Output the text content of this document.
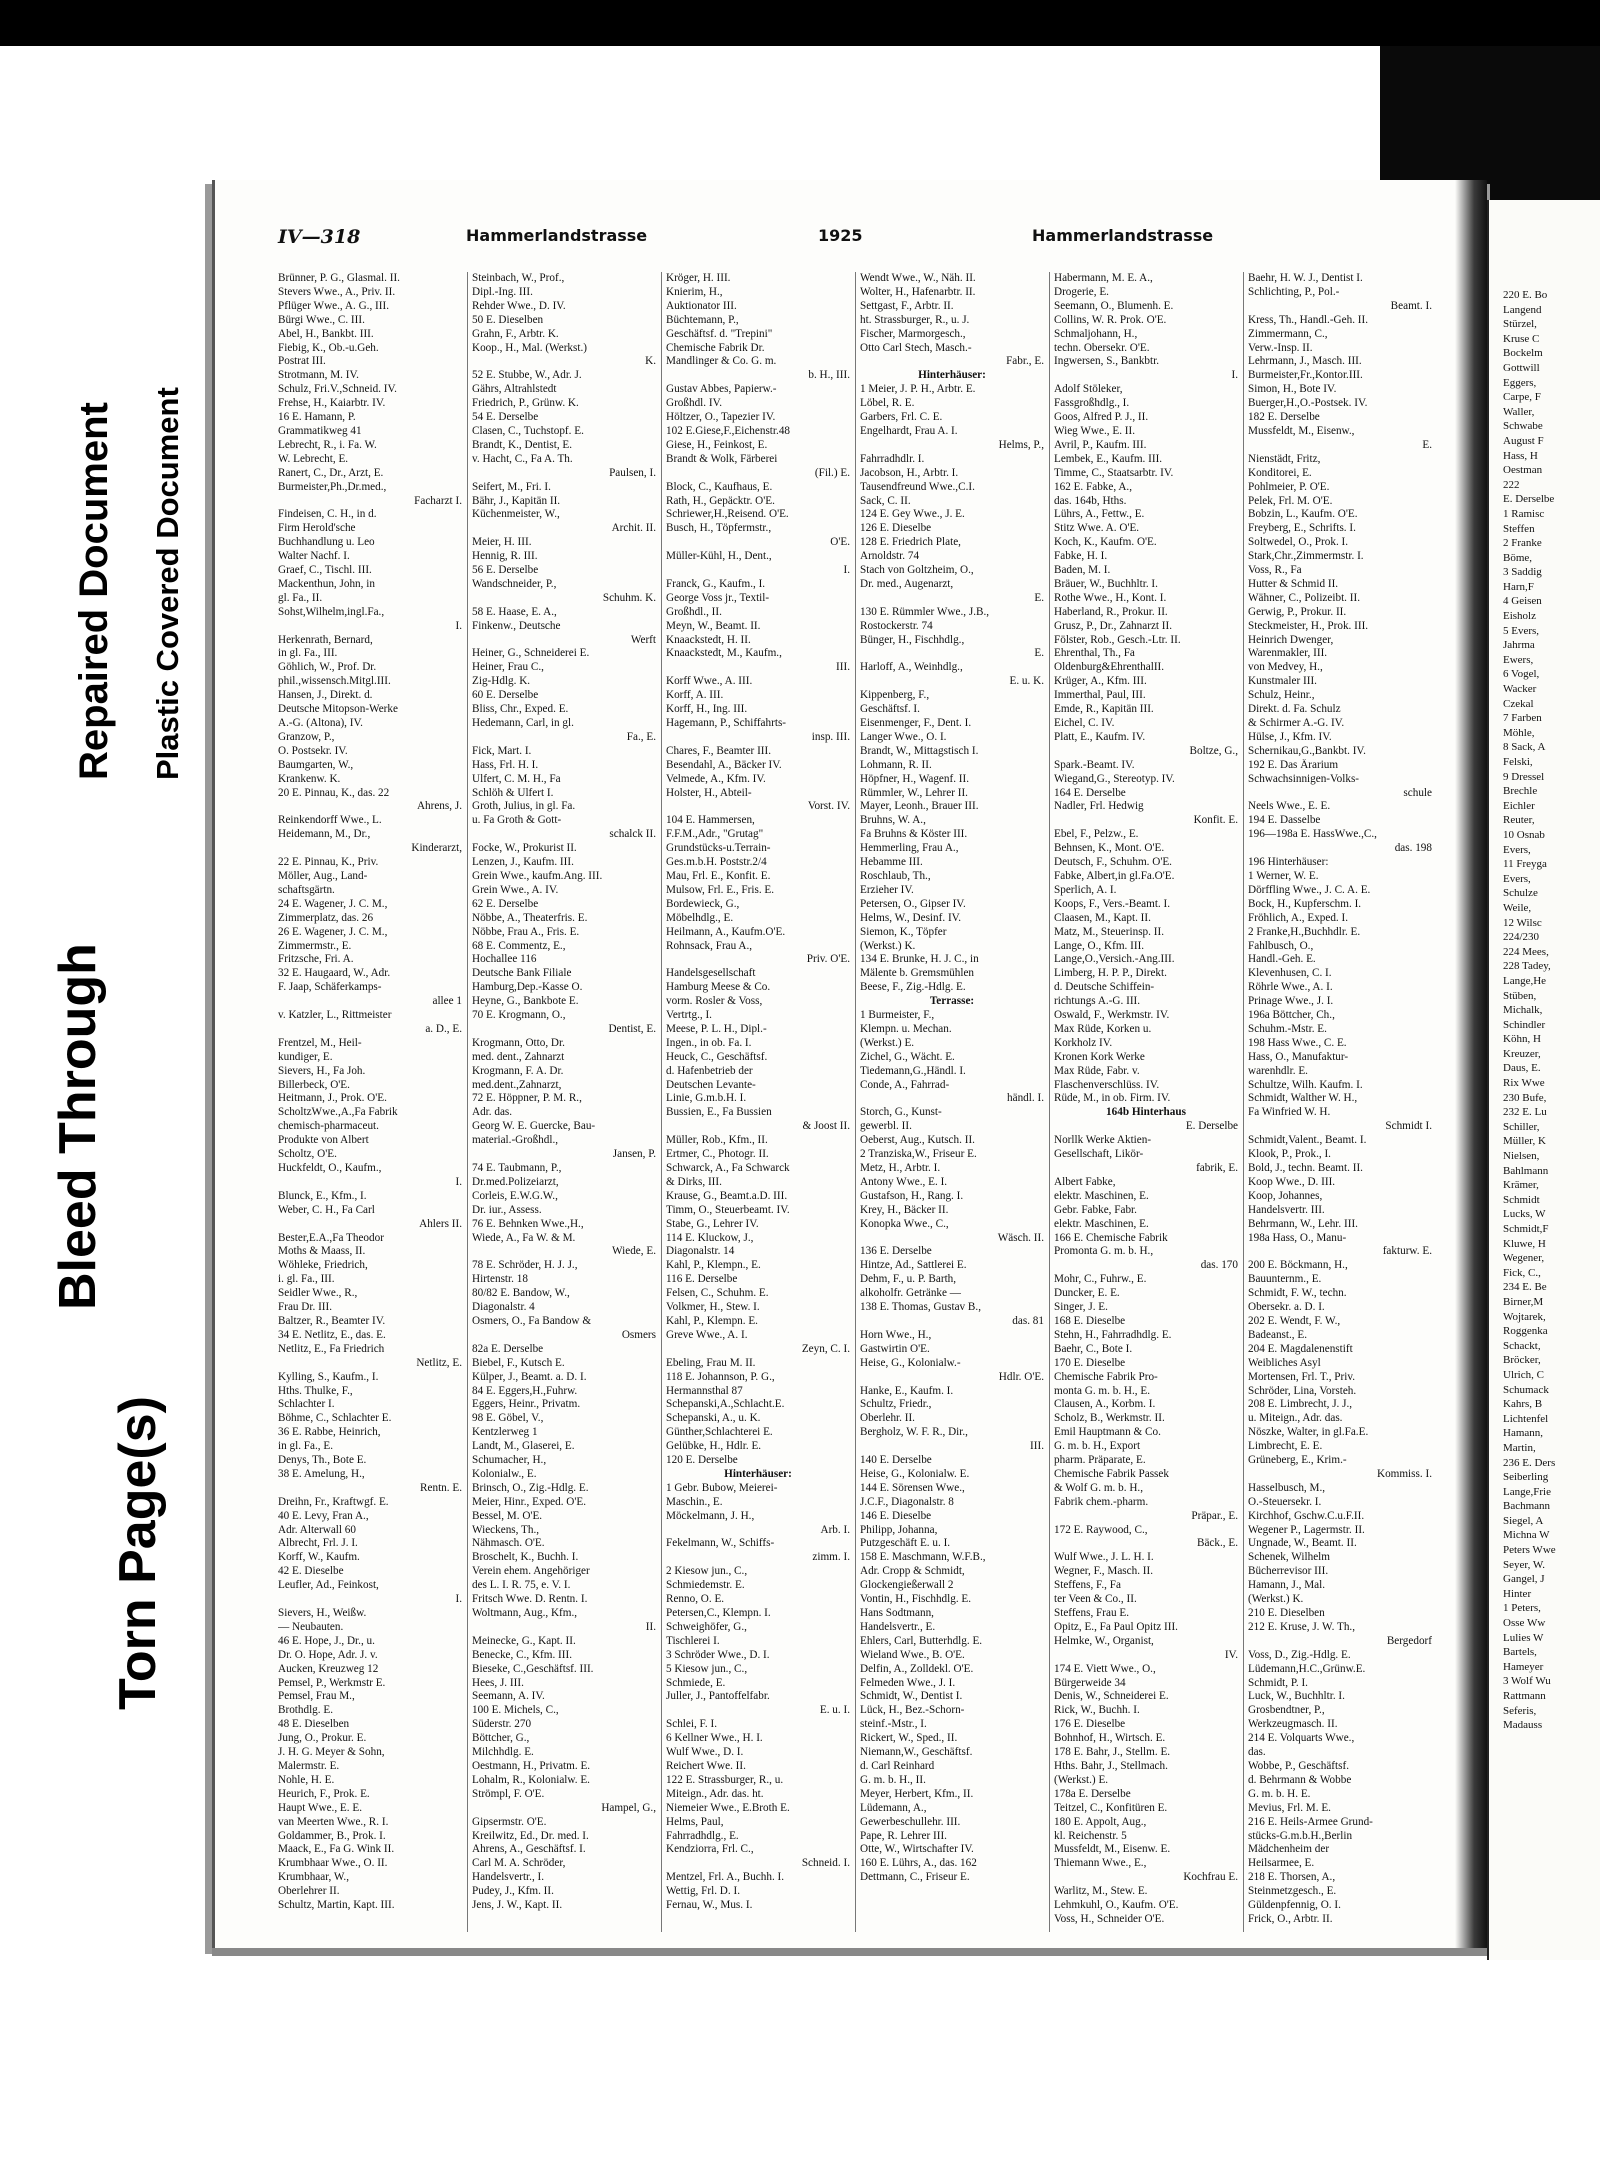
Bleed Through
Repaired Document Plastic Covered Document
Torn Page(s)
220 E. Bo
Langend
Stürzel,
Kruse C
Bockelm
Gottwill
Eggers,
Carpe, F
Waller,
Schwabe
August F
Hass, H
Oestman
222
E. Derselbe
1 Ramisc
Steffen
2 Franke
Böme,
3 Saddig
Harn,F
4 Geisen
Eisholz
5 Evers,
Jahrma
Ewers,
6 Vogel,
Wacker
Czekal
7 Farben
Möhle,
8 Sack, A
Felski,
9 Dressel
Brechle
Eichler
Reuter,
10 Osnab
Evers,
11 Freyga
Evers,
Schulze
Weile,
12 Wilsc
224/230
224 Mees,
228 Tadey,
Lange,He
Stüben,
Michalk,
Schindler
Köhn, H
Kreuzer,
Daus, E.
Rix Wwe
230 Bufe,
232 E. Lu
Schiller,
Müller, K
Nielsen,
Bahlmann
Krämer,
Schmidt
Lucks, W
Schmidt,F
Kluwe, H
Wegener,
Fick, C.,
234 E. Be
Birner,M
Wojtarek,
Roggenka
Schackt,
Bröcker,
Ulrich, C
Schumack
Kahrs, B
Lichtenfel
Hamann,
Martin,
236 E. Ders
Seiberling
Lange,Frie
Bachmann
Siegel, A
Michna W
Peters Wwe
Seyer, W.
Gangel, J
Hinter
1 Peters,
Osse Ww
Lulies W
Bartels,
Hameyer
3 Wolf Wu
Rattmann
Seferis,
Madauss
IV—318	Hammerlandstrasse	1925	Hammerlandstrasse
Brünner, P. G., Glasmal. II.
Stevers Wwe., A., Priv. II.
Pflüger Wwe., A. G., III.
Bürgi Wwe., C. III.
Abel, H., Bankbt. III.
Fiebig, K., Ob.-u.Geh.
Postrat III.
Strotmann, M. IV.
Schulz, Fri.V.,Schneid. IV.
Frehse, H., Kaiarbtr. IV.
16 E. Hamann, P.
Grammatikweg 41
Lebrecht, R., i. Fa. W.
W. Lebrecht, E.
Ranert, C., Dr., Arzt, E.
Burmeister,Ph.,Dr.med.,
Facharzt I.
Findeisen, C. H., in d.
Firm Herold'sche
Buchhandlung u. Leo
Walter Nachf. I.
Graef, C., Tischl. III.
Mackenthun, John, in
gl. Fa., II.
Sohst,Wilhelm,ingl.Fa.,
I.
Herkenrath, Bernard,
in gl. Fa., III.
Göhlich, W., Prof. Dr.
phil.,wissensch.Mitgl.III.
Hansen, J., Direkt. d.
Deutsche Mitopson-Werke
A.-G. (Altona), IV.
Granzow, P.,
O. Postsekr. IV.
Baumgarten, W.,
Krankenw. K.
20 E. Pinnau, K., das. 22
Ahrens, J.
Reinkendorff Wwe., L.
Heidemann, M., Dr.,
Kinderarzt,
22 E. Pinnau, K., Priv.
Möller, Aug., Land-
schaftsgärtn.
24 E. Wagener, J. C. M.,
Zimmerplatz, das. 26
26 E. Wagener, J. C. M.,
Zimmermstr., E.
Fritzsche, Fri. A.
32 E. Haugaard, W., Adr.
F. Jaap, Schäferkamps-
allee 1
v. Katzler, L., Rittmeister
a. D., E.
Frentzel, M., Heil-
kundiger, E.
Sievers, H., Fa Joh.
Billerbeck, O'E.
Heitmann, J., Prok. O'E.
ScholtzWwe.,A.,Fa Fabrik
chemisch-pharmaceut.
Produkte von Albert
Scholtz, O'E.
Huckfeldt, O., Kaufm.,
I.
Blunck, E., Kfm., I.
Weber, C. H., Fa Carl
Ahlers II.
Bester,E.A.,Fa Theodor
Moths & Maass, II.
Wöhleke, Friedrich,
i. gl. Fa., III.
Seidler Wwe., R.,
Frau Dr. III.
Baltzer, R., Beamter IV.
34 E. Netlitz, E., das. E.
Netlitz, E., Fa Friedrich
Netlitz, E.
Kylling, S., Kaufm., I.
Hths. Thulke, F.,
Schlachter I.
Böhme, C., Schlachter E.
36 E. Rabbe, Heinrich,
in gl. Fa., E.
Denys, Th., Bote E.
38 E. Amelung, H.,
Rentn. E.
Dreihn, Fr., Kraftwgf. E.
40 E. Levy, Fran A.,
Adr. Alterwall 60
Albrecht, Frl. J. I.
Korff, W., Kaufm.
42 E. Dieselbe
Leufler, Ad., Feinkost,
I.
Sievers, H., Weißw.
— Neubauten.
46 E. Hope, J., Dr., u.
Dr. O. Hope, Adr. J. v.
Aucken, Kreuzweg 12
Pemsel, P., Werkmstr E.
Pemsel, Frau M.,
Brothdlg. E.
48 E. Dieselben
Jung, O., Prokur. E.
J. H. G. Meyer & Sohn,
Malermstr. E.
Nohle, H. E.
Heurich, F., Prok. E.
Haupt Wwe., E. E.
van Meerten Wwe., R. I.
Goldammer, B., Prok. I.
Maack, E., Fa G. Wink II.
Krumbhaar Wwe., O. II.
Krumbhaar, W.,
Oberlehrer II.
Schultz, Martin, Kapt. III.
Steinbach, W., Prof.,
Dipl.-Ing. III.
Rehder Wwe., D. IV.
50 E. Dieselben
Grahn, F., Arbtr. K.
Koop., H., Mal. (Werkst.)
K.
52 E. Stubbe, W., Adr. J.
Gährs, Altrahlstedt
Friedrich, P., Grünw. K.
54 E. Derselbe
Clasen, C., Tuchstopf. E.
Brandt, K., Dentist, E.
v. Hacht, C., Fa A. Th.
Paulsen, I.
Seifert, M., Fri. I.
Bähr, J., Kapitän II.
Küchenmeister, W.,
Archit. II.
Meier, H. III.
Hennig, R. III.
56 E. Derselbe
Wandschneider, P.,
Schuhm. K.
58 E. Haase, E. A.,
Finkenw., Deutsche
Werft
Heiner, G., Schneiderei E.
Heiner, Frau C.,
Zig-Hdlg. K.
60 E. Derselbe
Bliss, Chr., Exped. E.
Hedemann, Carl, in gl.
Fa., E.
Fick, Mart. I.
Hass, Frl. H. I.
Ulfert, C. M. H., Fa
Schlöh & Ulfert I.
Groth, Julius, in gl. Fa.
u. Fa Groth & Gott-
schalck II.
Focke, W., Prokurist II.
Lenzen, J., Kaufm. III.
Grein Wwe., kaufm.Ang. III.
Grein Wwe., A. IV.
62 E. Derselbe
Nöbbe, A., Theaterfris. E.
Nöbbe, Frau A., Fris. E.
68 E. Commentz, E.,
Hochallee 116
Deutsche Bank Filiale
Hamburg,Dep.-Kasse O.
Heyne, G., Bankbote E.
70 E. Krogmann, O.,
Dentist, E.
Krogmann, Otto, Dr.
med. dent., Zahnarzt
Krogmann, F. A. Dr.
med.dent.,Zahnarzt,
72 E. Höppner, P. M. R.,
Adr. das.
Georg W. E. Guercke, Bau-
material.-Großhdl.,
Jansen, P.
74 E. Taubmann, P.,
Dr.med.Polizeiarzt,
Corleis, E.W.G.W.,
Dr. iur., Assess.
76 E. Behnken Wwe.,H.,
Wiede, A., Fa W. & M.
Wiede, E.
78 E. Schröder, H. J. J.,
Hirtenstr. 18
80/82 E. Bandow, W.,
Diagonalstr. 4
Osmers, O., Fa Bandow &
Osmers
82a E. Derselbe
Biebel, F., Kutsch E.
Külper, J., Beamt. a. D. I.
84 E. Eggers,H.,Fuhrw.
Eggers, Heinr., Privatm.
98 E. Göbel, V.,
Kentzlerweg 1
Landt, M., Glaserei, E.
Schumacher, H.,
Kolonialw., E.
Brinsch, O., Zig.-Hdlg. E.
Meier, Hinr., Exped. O'E.
Bessel, M. O'E.
Wieckens, Th.,
Nähmasch. O'E.
Broschelt, K., Buchh. I.
Verein ehem. Angehöriger
des L. I. R. 75, e. V. I.
Fritsch Wwe. D. Rentn. I.
Woltmann, Aug., Kfm.,
II.
Meinecke, G., Kapt. II.
Benecke, C., Kfm. III.
Bieseke, C.,Geschäftsf. III.
Hees, J. III.
Seemann, A. IV.
100 E. Michels, C.,
Süderstr. 270
Böttcher, G.,
Milchhdlg. E.
Oestmann, H., Privatm. E.
Lohalm, R., Kolonialw. E.
Strömpl, F. O'E.
Hampel, G.,
Gipsermstr. O'E.
Kreilwitz, Ed., Dr. med. I.
Ahrens, A., Geschäftsf. I.
Carl M. A. Schröder,
Handelsvertr., I.
Pudey, J., Kfm. II.
Jens, J. W., Kapt. II.
Kröger, H. III.
Knierim, H.,
Auktionator III.
Büchtemann, P.,
Geschäftsf. d. "Trepini"
Chemische Fabrik Dr.
Mandlinger & Co. G. m.
b. H., III.
Gustav Abbes, Papierw.-
Großhdl. IV.
Höltzer, O., Tapezier IV.
102 E.Giese,F.,Eichenstr.48
Giese, H., Feinkost, E.
Brandt & Wolk, Färberei
(Fil.) E.
Block, C., Kaufhaus, E.
Rath, H., Gepäcktr. O'E.
Schriewer,H.,Reisend. O'E.
Busch, H., Töpfermstr.,
O'E.
Müller-Kühl, H., Dent.,
I.
Franck, G., Kaufm., I.
George Voss jr., Textil-
Großhdl., II.
Meyn, W., Beamt. II.
Knaackstedt, H. II.
Knaackstedt, M., Kaufm.,
III.
Korff Wwe., A. III.
Korff, A. III.
Korff, H., Ing. III.
Hagemann, P., Schiffahrts-
insp. III.
Chares, F., Beamter III.
Besendahl, A., Bäcker IV.
Velmede, A., Kfm. IV.
Holster, H., Abteil-
Vorst. IV.
104 E. Hammersen,
F.F.M.,Adr., "Grutag"
Grundstücks-u.Terrain-
Ges.m.b.H. Poststr.2/4
Mau, Frl. E., Konfit. E.
Mulsow, Frl. E., Fris. E.
Bordewieck, G.,
Möbelhdlg., E.
Heilmann, A., Kaufm.O'E.
Rohnsack, Frau A.,
Priv. O'E.
Handelsgesellschaft
Hamburg Meese & Co.
vorm. Rosler & Voss,
Vertrtg., I.
Meese, P. L. H., Dipl.-
Ingen., in ob. Fa. I.
Heuck, C., Geschäftsf.
d. Hafenbetrieb der
Deutschen Levante-
Linie, G.m.b.H. I.
Bussien, E., Fa Bussien
& Joost II.
Müller, Rob., Kfm., II.
Ertmer, C., Photogr. II.
Schwarck, A., Fa Schwarck
& Dirks, III.
Krause, G., Beamt.a.D. III.
Timm, O., Steuerbeamt. IV.
Stabe, G., Lehrer IV.
114 E. Kluckow, J.,
Diagonalstr. 14
Kahl, P., Klempn., E.
116 E. Derselbe
Felsen, C., Schuhm. E.
Volkmer, H., Stew. I.
Kahl, P., Klempn. E.
Greve Wwe., A. I.
Zeyn, C. I.
Ebeling, Frau M. II.
118 E. Johannson, P. G.,
Hermannsthal 87
Schepanski,A.,Schlacht.E.
Schepanski, A., u. K.
Günther,Schlachterei E.
Gelübke, H., Hdlr. E.
120 E. Derselbe
Hinterhäuser:
1 Gebr. Bubow, Meierei-
Maschin., E.
Möckelmann, J. H.,
Arb. I.
Fekelmann, W., Schiffs-
zimm. I.
2 Kiesow jun., C.,
Schmiedemstr. E.
Renno, O. E.
Petersen,C., Klempn. I.
Schweighöfer, G.,
Tischlerei I.
3 Schröder Wwe., D. I.
5 Kiesow jun., C.,
Schmiede, E.
Juller, J., Pantoffelfabr.
E. u. I.
Schlei, F. I.
6 Kellner Wwe., H. I.
Wulf Wwe., D. I.
Reichert Wwe. II.
122 E. Strassburger, R., u.
Miteign., Adr. das. ht.
Niemeier Wwe., E.Broth E.
Helms, Paul,
Fahrradhdlg., E.
Kendziorra, Frl. C.,
Schneid. I.
Mentzel, Frl. A., Buchh. I.
Wettig, Frl. D. I.
Fernau, W., Mus. I.
Wendt Wwe., W., Näh. II.
Wolter, H., Hafenarbtr. II.
Settgast, F., Arbtr. II.
ht. Strassburger, R., u. J.
Fischer, Marmorgesch.,
Otto Carl Stech, Masch.-
Fabr., E.
Hinterhäuser:
1 Meier, J. P. H., Arbtr. E.
Löbel, R. E.
Garbers, Frl. C. E.
Engelhardt, Frau A. I.
Helms, P.,
Fahrradhdlr. I.
Jacobson, H., Arbtr. I.
Tausendfreund Wwe.,C.I.
Sack, C. II.
124 E. Gey Wwe., J. E.
126 E. Dieselbe
128 E. Friedrich Plate,
Arnoldstr. 74
Stach von Goltzheim, O.,
Dr. med., Augenarzt,
E.
130 E. Rümmler Wwe., J.B.,
Rostockerstr. 74
Bünger, H., Fischhdlg.,
E.
Harloff, A., Weinhdlg.,
E. u. K.
Kippenberg, F.,
Geschäftsf. I.
Eisenmenger, F., Dent. I.
Langer Wwe., O. I.
Brandt, W., Mittagstisch I.
Lohmann, R. II.
Höpfner, H., Wagenf. II.
Rümmler, W., Lehrer II.
Mayer, Leonh., Brauer III.
Bruhns, W. A.,
Fa Bruhns & Köster III.
Hemmerling, Frau A.,
Hebamme III.
Roschlaub, Th.,
Erzieher IV.
Petersen, O., Gipser IV.
Helms, W., Desinf. IV.
Siemon, K., Töpfer
(Werkst.) K.
134 E. Brunke, H. J. C., in
Mälente b. Gremsmühlen
Beese, F., Zig.-Hdlg. E.
Terrasse:
1 Burmeister, F.,
Klempn. u. Mechan.
(Werkst.) E.
Zichel, G., Wächt. E.
Tiedemann,G.,Händl. I.
Conde, A., Fahrrad-
händl. I.
Storch, G., Kunst-
gewerbl. II.
Oeberst, Aug., Kutsch. II.
2 Tranziska,W., Friseur E.
Metz, H., Arbtr. I.
Antony Wwe., E. I.
Gustafson, H., Rang. I.
Krey, H., Bäcker II.
Konopka Wwe., C.,
Wäsch. II.
136 E. Derselbe
Hintze, Ad., Sattlerei E.
Dehm, F., u. P. Barth,
alkoholfr. Getränke —
138 E. Thomas, Gustav B.,
das. 81
Horn Wwe., H.,
Gastwirtin O'E.
Heise, G., Kolonialw.-
Hdlr. O'E.
Hanke, E., Kaufm. I.
Schultz, Friedr.,
Oberlehr. II.
Bergholz, W. F. R., Dir.,
III.
140 E. Derselbe
Heise, G., Kolonialw. E.
144 E. Sörensen Wwe.,
J.C.F., Diagonalstr. 8
146 E. Dieselbe
Philipp, Johanna,
Putzgeschäft E. u. I.
158 E. Maschmann, W.F.B.,
Adr. Cropp & Schmidt,
Glockengießerwall 2
Vontin, H., Fischhdlg. E.
Hans Sodtmann,
Handelsvertr., E.
Ehlers, Carl, Butterhdlg. E.
Wieland Wwe., B. O'E.
Delfin, A., Zolldekl. O'E.
Felmeden Wwe., J. I.
Schmidt, W., Dentist I.
Lück, H., Bez.-Schorn-
steinf.-Mstr., I.
Rickert, W., Sped., II.
Niemann,W., Geschäftsf.
d. Carl Reinhard
G. m. b. H., II.
Meyer, Herbert, Kfm., II.
Lüdemann, A.,
Gewerbeschullehr. III.
Pape, R. Lehrer III.
Otte, W., Wirtschafter IV.
160 E. Lührs, A., das. 162
Dettmann, C., Friseur E.
Habermann, M. E. A.,
Drogerie, E.
Seemann, O., Blumenh. E.
Collins, W. R. Prok. O'E.
Schmaljohann, H.,
techn. Obersekr. O'E.
Ingwersen, S., Bankbtr.
I.
Adolf Stöleker,
Fassgroßhdlg., I.
Goos, Alfred P. J., II.
Wieg Wwe., E. II.
Avril, P., Kaufm. III.
Lembek, E., Kaufm. III.
Timme, C., Staatsarbtr. IV.
162 E. Fabke, A.,
das. 164b, Hths.
Lührs, A., Fettw., E.
Stitz Wwe. A. O'E.
Koch, K., Kaufm. O'E.
Fabke, H. I.
Baden, M. I.
Bräuer, W., Buchhltr. I.
Rothe Wwe., H., Kont. I.
Haberland, R., Prokur. II.
Grusz, P., Dr., Zahnarzt II.
Fölster, Rob., Gesch.-Ltr. II.
Ehrenthal, Th., Fa
Oldenburg&EhrenthalII.
Krüger, A., Kfm. III.
Immerthal, Paul, III.
Emde, R., Kapitän III.
Eichel, C. IV.
Platt, E., Kaufm. IV.
Boltze, G.,
Spark.-Beamt. IV.
Wiegand,G., Stereotyp. IV.
164 E. Derselbe
Nadler, Frl. Hedwig
Konfit. E.
Ebel, F., Pelzw., E.
Behnsen, K., Mont. O'E.
Deutsch, F., Schuhm. O'E.
Fabke, Albert,in gl.Fa.O'E.
Sperlich, A. I.
Koops, F., Vers.-Beamt. I.
Claasen, M., Kapt. II.
Matz, M., Steuerinsp. II.
Lange, O., Kfm. III.
Lange,O.,Versich.-Ang.III.
Limberg, H. P. P., Direkt.
d. Deutsche Schiffein-
richtungs A.-G. III.
Oswald, F., Werkmstr. IV.
Max Rüde, Korken u.
Korkholz IV.
Kronen Kork Werke
Max Rüde, Fabr. v.
Flaschenverschlüss. IV.
Rüde, M., in ob. Firm. IV.
164b Hinterhaus
E. Derselbe
Norllk Werke Aktien-
Gesellschaft, Likör-
fabrik, E.
Albert Fabke,
elektr. Maschinen, E.
Gebr. Fabke, Fabr.
elektr. Maschinen, E.
166 E. Chemische Fabrik
Promonta G. m. b. H.,
das. 170
Mohr, C., Fuhrw., E.
Duncker, E. E.
Singer, J. E.
168 E. Dieselbe
Stehn, H., Fahrradhdlg. E.
Baehr, C., Bote I.
170 E. Dieselbe
Chemische Fabrik Pro-
monta G. m. b. H., E.
Clausen, A., Korbm. I.
Scholz, B., Werkmstr. II.
Emil Hauptmann & Co.
G. m. b. H., Export
pharm. Präparate, E.
Chemische Fabrik Passek
& Wolf G. m. b. H.,
Fabrik chem.-pharm.
Präpar., E.
172 E. Raywood, C.,
Bäck., E.
Wulf Wwe., J. L. H. I.
Wegner, F., Masch. II.
Steffens, F., Fa
ter Veen & Co., II.
Steffens, Frau E.
Opitz, E., Fa Paul Opitz III.
Helmke, W., Organist,
IV.
174 E. Viett Wwe., O.,
Bürgerweide 34
Denis, W., Schneiderei E.
Rick, W., Buchh. I.
176 E. Dieselbe
Bohnhof, H., Wirtsch. E.
178 E. Bahr, J., Stellm. E.
Hths. Bahr, J., Stellmach.
(Werkst.) E.
178a E. Derselbe
Teitzel, C., Konfitüren E.
180 E. Appolt, Aug.,
kl. Reichenstr. 5
Mussfeldt, M., Eisenw. E.
Thiemann Wwe., E.,
Kochfrau E.
Warlitz, M., Stew. E.
Lehmkuhl, O., Kaufm. O'E.
Voss, H., Schneider O'E.
Baehr, H. W. J., Dentist I.
Schlichting, P., Pol.-
Beamt. I.
Kress, Th., Handl.-Geh. II.
Zimmermann, C.,
Verw.-Insp. II.
Lehrmann, J., Masch. III.
Burmeister,Fr.,Kontor.III.
Simon, H., Bote IV.
Buerger,H.,O.-Postsek. IV.
182 E. Derselbe
Mussfeldt, M., Eisenw.,
E.
Nienstädt, Fritz,
Konditorei, E.
Pohlmeier, P. O'E.
Pelek, Frl. M. O'E.
Bobzin, L., Kaufm. O'E.
Freyberg, E., Schrifts. I.
Soltwedel, O., Prok. I.
Stark,Chr.,Zimmermstr. I.
Voss, R., Fa
Hutter & Schmid II.
Wähner, C., Polizeibt. II.
Gerwig, P., Prokur. II.
Steckmeister, H., Prok. III.
Heinrich Dwenger,
Warenmakler, III.
von Medvey, H.,
Kunstmaler III.
Schulz, Heinr.,
Direkt. d. Fa. Schulz
& Schirmer A.-G. IV.
Hülse, J., Kfm. IV.
Schernikau,G.,Bankbt. IV.
192 E. Das Ärarium
Schwachsinnigen-Volks-
schule
Neels Wwe., E. E.
194 E. Dasselbe
196—198a E. HassWwe.,C.,
das. 198
196 Hinterhäuser:
1 Werner, W. E.
Dörffling Wwe., J. C. A. E.
Bock, H., Kupferschm. I.
Fröhlich, A., Exped. I.
2 Franke,H.,Buchhdlr. E.
Fahlbusch, O.,
Handl.-Geh. E.
Klevenhusen, C. I.
Röhrle Wwe., A. I.
Prinage Wwe., J. I.
196a Böttcher, Ch.,
Schuhm.-Mstr. E.
198 Hass Wwe., C. E.
Hass, O., Manufaktur-
warenhdlr. E.
Schultze, Wilh. Kaufm. I.
Schmidt, Walther W. H.,
Fa Winfried W. H.
Schmidt I.
Schmidt,Valent., Beamt. I.
Klook, P., Prok., I.
Bold, J., techn. Beamt. II.
Koop Wwe., D. III.
Koop, Johannes,
Handelsvertr. III.
Behrmann, W., Lehr. III.
198a Hass, O., Manu-
fakturw. E.
200 E. Böckmann, H.,
Bauunternm., E.
Schmidt, F. W., techn.
Obersekr. a. D. I.
202 E. Wendt, F. W.,
Badeanst., E.
204 E. Magdalenenstift
Weibliches Asyl
Mortensen, Frl. T., Priv.
Schröder, Lina, Vorsteh.
208 E. Limbrecht, J. J.,
u. Miteign., Adr. das.
Nöszke, Walter, in gl.Fa.E.
Limbrecht, E. E.
Grüneberg, E., Krim.-
Kommiss. I.
Hasselbusch, M.,
O.-Steuersekr. I.
Kirchhof, Gschw.C.u.F.II.
Wegener P., Lagermstr. II.
Ungnade, W., Beamt. II.
Schenek, Wilhelm
Bücherrevisor III.
Hamann, J., Mal.
(Werkst.) K.
210 E. Dieselben
212 E. Kruse, J. W. Th.,
Bergedorf
Voss, D., Zig.-Hdlg. E.
Lüdemann,H.C.,Grünw.E.
Schmidt, P. I.
Luck, W., Buchhltr. I.
Grosbendtner, P.,
Werkzeugmasch. II.
214 E. Volquarts Wwe.,
das.
Wobbe, P., Geschäftsf.
d. Behrmann & Wobbe
G. m. b. H. E.
Mevius, Frl. M. E.
216 E. Heils-Armee Grund-
stücks-G.m.b.H.,Berlin
Mädchenheim der
Heilsarmee, E.
218 E. Thorsen, A.,
Steinmetzgesch., E.
Güldenpfennig, O. I.
Frick, O., Arbtr. II.
